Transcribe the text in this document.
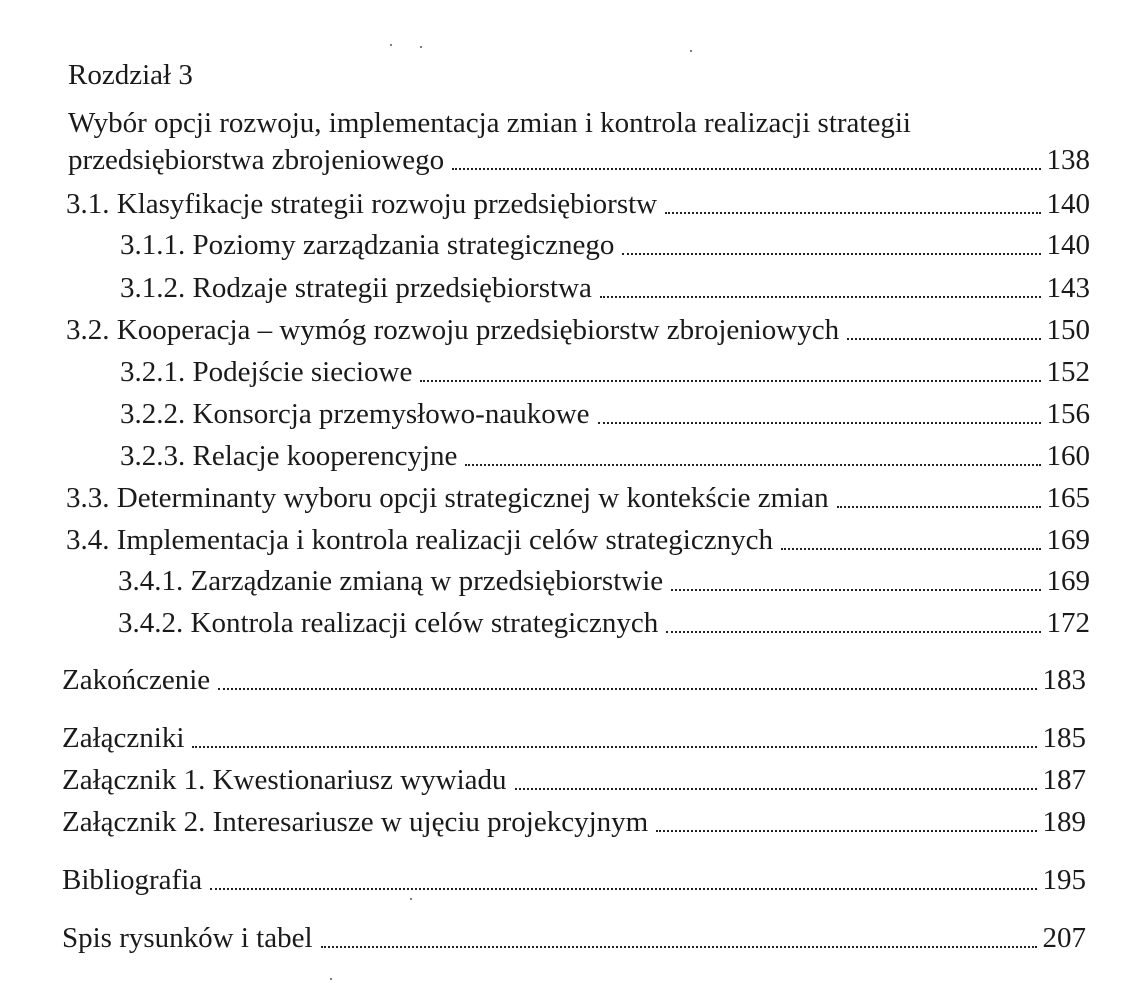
Rozdział 3
Wybór opcji rozwoju, implementacja zmian i kontrola realizacji strategii
przedsiębiorstwa zbrojeniowego	138
3.1. Klasyfikacje strategii rozwoju przedsiębiorstw	140
3.1.1. Poziomy zarządzania strategicznego	140
3.1.2. Rodzaje strategii przedsiębiorstwa	143
3.2. Kooperacja – wymóg rozwoju przedsiębiorstw zbrojeniowych	150
3.2.1. Podejście sieciowe	152
3.2.2. Konsorcja przemysłowo-naukowe	156
3.2.3. Relacje kooperencyjne	160
3.3. Determinanty wyboru opcji strategicznej w kontekście zmian	165
3.4. Implementacja i kontrola realizacji celów strategicznych	169
3.4.1. Zarządzanie zmianą w przedsiębiorstwie	169
3.4.2. Kontrola realizacji celów strategicznych	172
Zakończenie	183
Załączniki	185
Załącznik 1. Kwestionariusz wywiadu	187
Załącznik 2. Interesariusze w ujęciu projekcyjnym	189
Bibliografia	195
Spis rysunków i tabel	207
